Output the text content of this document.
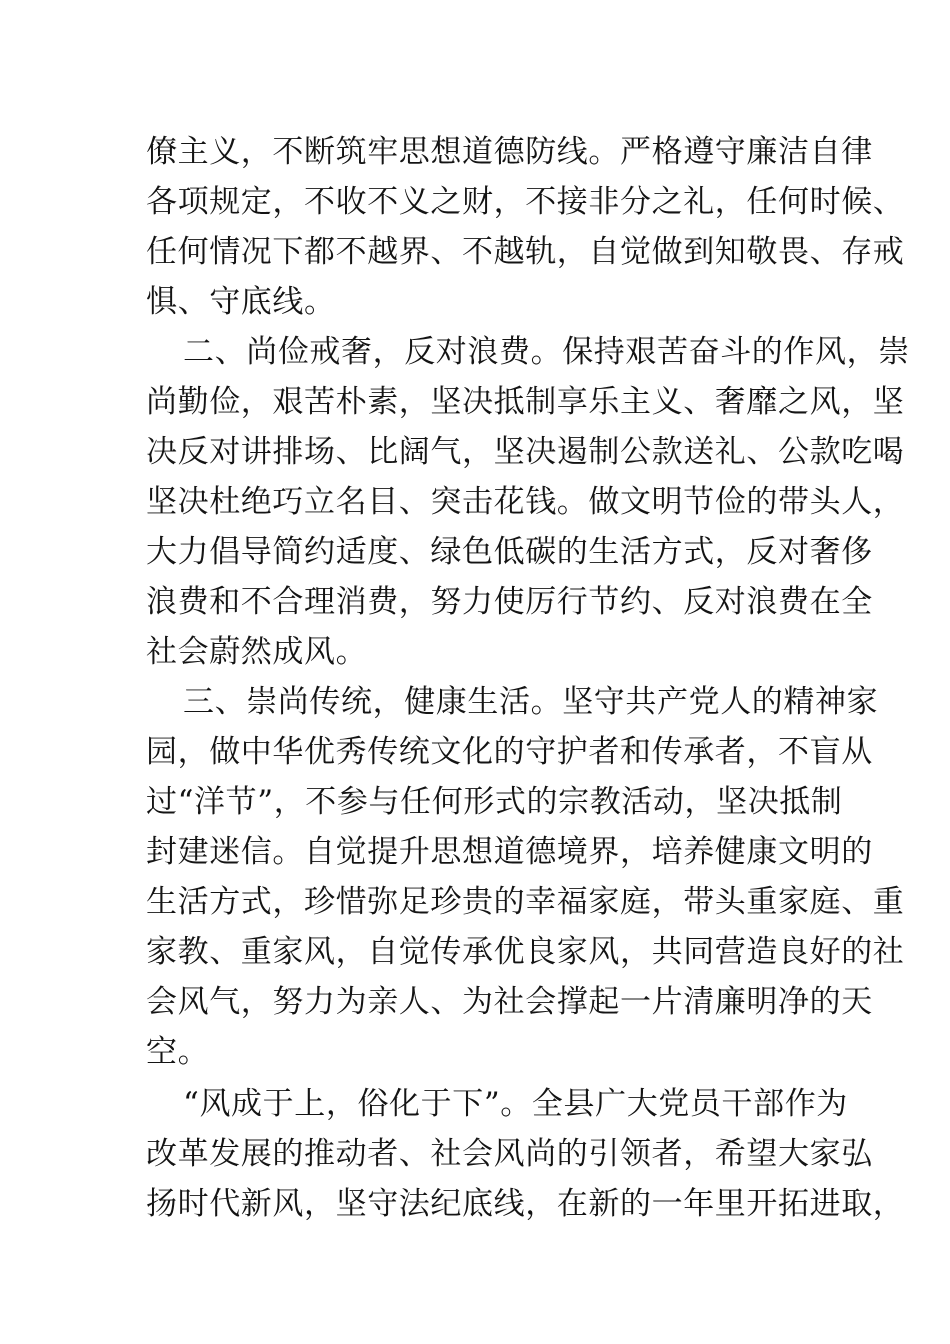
僚主义，不断筑牢思想道德防线。严格遵守廉洁自律
各项规定，不收不义之财，不接非分之礼，任何时候、
任何情况下都不越界、不越轨，自觉做到知敬畏、存戒
惧、守底线。
二、尚俭戒奢，反对浪费。保持艰苦奋斗的作风，崇
尚勤俭，艰苦朴素，坚决抵制享乐主义、奢靡之风，坚
决反对讲排场、比阔气，坚决遏制公款送礼、公款吃喝
坚决杜绝巧立名目、突击花钱。做文明节俭的带头人，
大力倡导简约适度、绿色低碳的生活方式，反对奢侈
浪费和不合理消费，努力使厉行节约、反对浪费在全
社会蔚然成风。
三、崇尚传统，健康生活。坚守共产党人的精神家
园，做中华优秀传统文化的守护者和传承者，不盲从
过“洋节”，不参与任何形式的宗教活动，坚决抵制
封建迷信。自觉提升思想道德境界，培养健康文明的
生活方式，珍惜弥足珍贵的幸福家庭，带头重家庭、重
家教、重家风，自觉传承优良家风，共同营造良好的社
会风气，努力为亲人、为社会撑起一片清廉明净的天
空。
“风成于上，俗化于下”。全县广大党员干部作为
改革发展的推动者、社会风尚的引领者，希望大家弘
扬时代新风，坚守法纪底线，在新的一年里开拓进取，
